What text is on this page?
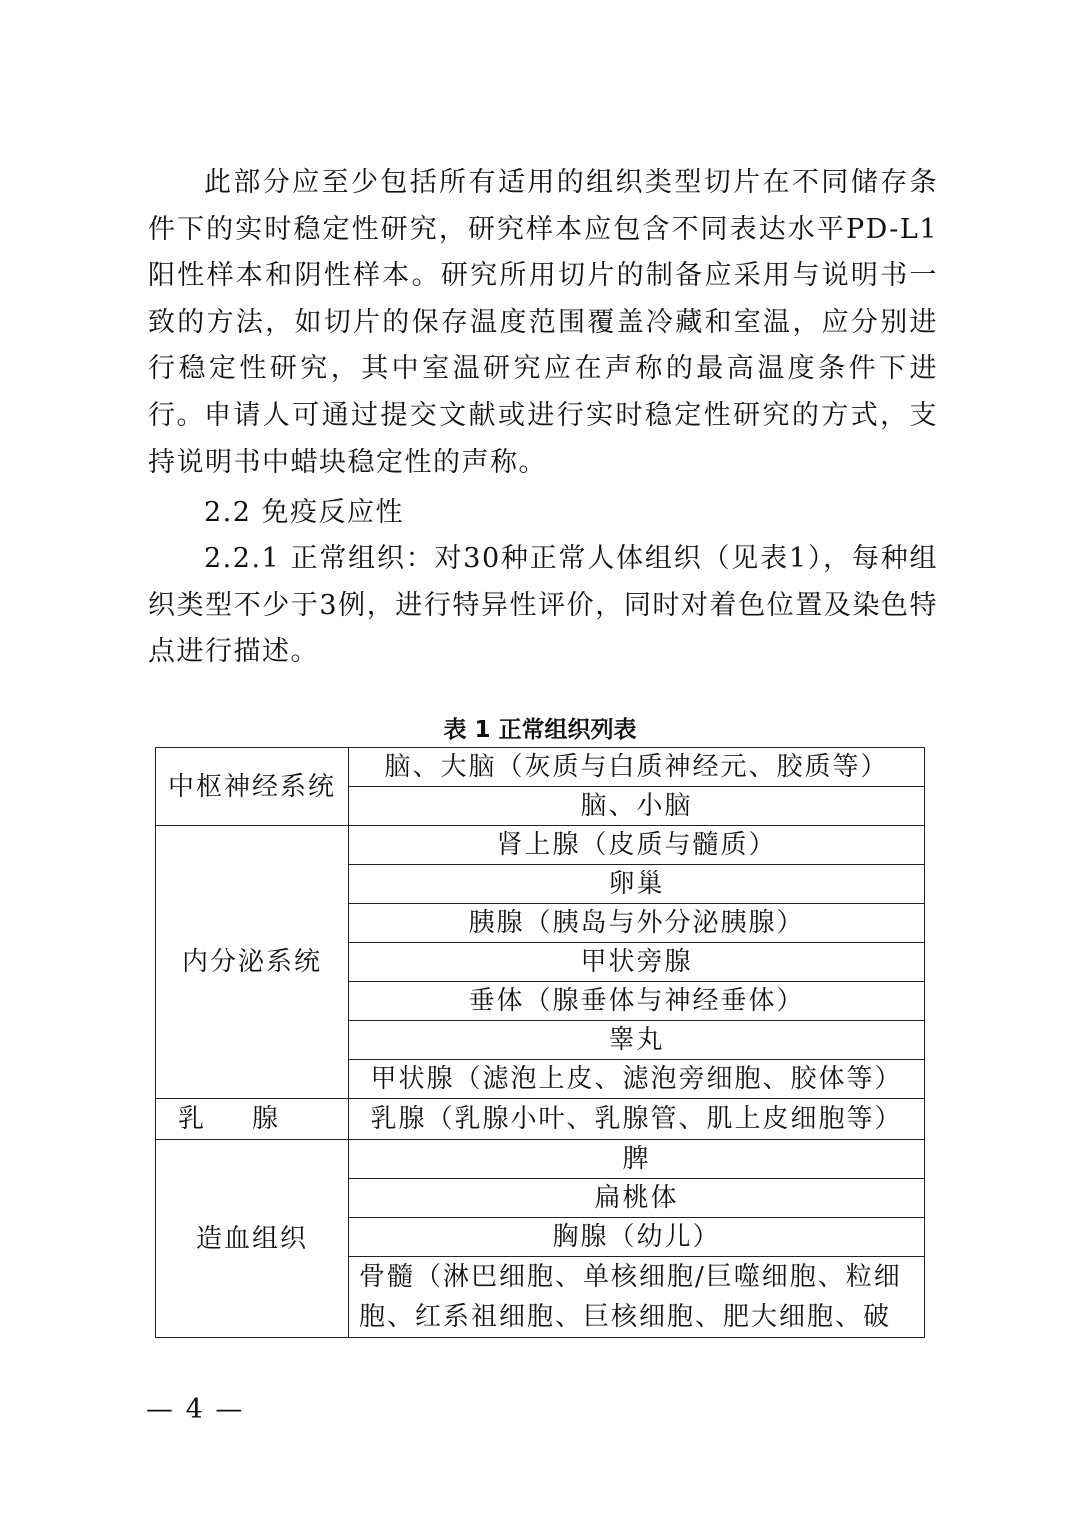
此部分应至少包括所有适用的组织类型切片在不同储存条件下的实时稳定性研究，研究样本应包含不同表达水平PD-L1阳性样本和阴性样本。研究所用切片的制备应采用与说明书一致的方法，如切片的保存温度范围覆盖冷藏和室温，应分别进行稳定性研究，其中室温研究应在声称的最高温度条件下进行。 申请人可通过提交文献或进行实时稳定性研究的方式，支持说明书中蜡块稳定性的声称。

2.2 免疫反应性

2.2.1 正常组织：对30种正常人体组织（见表1），每种组织类型不少于3例，进行特异性评价，同时对着色位置及染色特点进行描述。

表 1 正常组织列表
中枢神经系统	脑、大脑（灰质与白质神经元、胶质等）
	脑、小脑
内分泌系统	肾上腺（皮质与髓质）
	卵巢
	胰腺（胰岛与外分泌胰腺）
	甲状旁腺
	垂体（腺垂体与神经垂体）
	睾丸
	甲状腺（滤泡上皮、滤泡旁细胞、胶体等）
乳腺	乳腺（乳腺小叶、乳腺管、肌上皮细胞等）
造血组织	脾
	扁桃体
	胸腺（幼儿）
	骨髓（淋巴细胞、单核细胞/巨噬细胞、粒细胞、红系祖细胞、巨核细胞、肥大细胞、破
— 4 —
